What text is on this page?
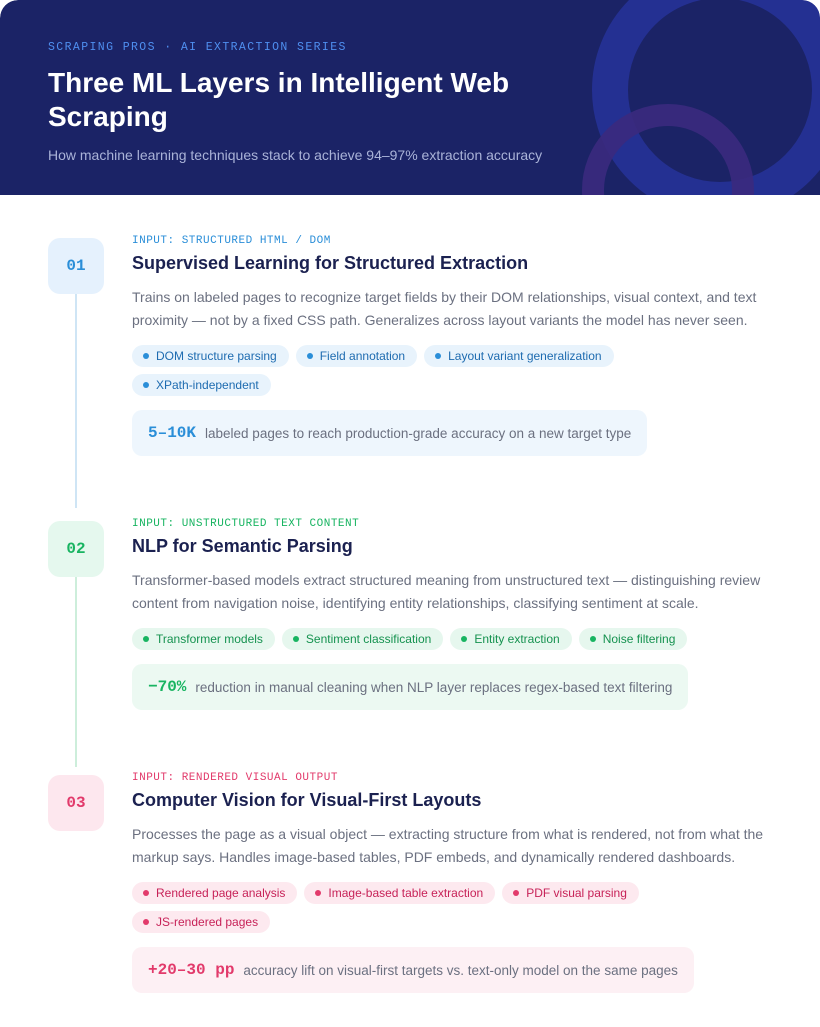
SCRAPING PROS · AI EXTRACTION SERIES
Three ML Layers in Intelligent Web Scraping
How machine learning techniques stack to achieve 94–97% extraction accuracy
01
INPUT: STRUCTURED HTML / DOM
Supervised Learning for Structured Extraction
Trains on labeled pages to recognize target fields by their DOM relationships, visual context, and text proximity — not by a fixed CSS path. Generalizes across layout variants the model has never seen.
DOM structure parsing	Field annotation	Layout variant generalization
XPath-independent
5–10K labeled pages to reach production-grade accuracy on a new target type
02
INPUT: UNSTRUCTURED TEXT CONTENT
NLP for Semantic Parsing
Transformer-based models extract structured meaning from unstructured text — distinguishing review content from navigation noise, identifying entity relationships, classifying sentiment at scale.
Transformer models	Sentiment classification	Entity extraction	Noise filtering
−70% reduction in manual cleaning when NLP layer replaces regex-based text filtering
03
INPUT: RENDERED VISUAL OUTPUT
Computer Vision for Visual-First Layouts
Processes the page as a visual object — extracting structure from what is rendered, not from what the markup says. Handles image-based tables, PDF embeds, and dynamically rendered dashboards.
Rendered page analysis	Image-based table extraction	PDF visual parsing
JS-rendered pages
+20–30 pp accuracy lift on visual-first targets vs. text-only model on the same pages
